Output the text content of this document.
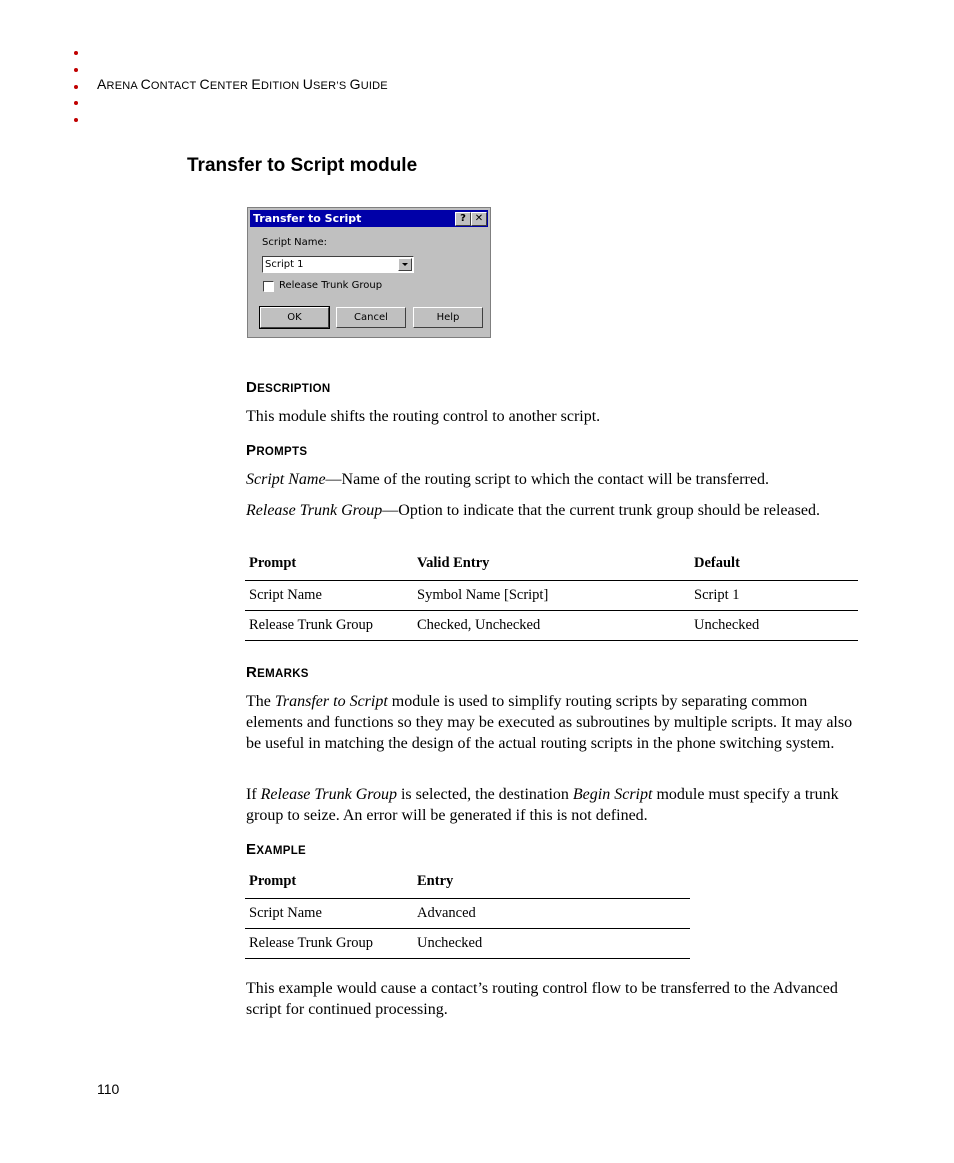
ARENA CONTACT CENTER EDITION USER’S GUIDE
Transfer to Script module
Transfer to Script	? ✕
Script Name:
Script 1
Release Trunk Group
OK	Cancel	Help
DESCRIPTION
This module shifts the routing control to another script.
PROMPTS
Script Name—Name of the routing script to which the contact will be transferred.
Release Trunk Group—Option to indicate that the current trunk group should be released.
Prompt	Valid Entry	Default
Script Name	Symbol Name [Script]	Script 1
Release Trunk Group	Checked, Unchecked	Unchecked
REMARKS
The Transfer to Script module is used to simplify routing scripts by separating common elements and functions so they may be executed as subroutines by multiple scripts. It may also be useful in matching the design of the actual routing scripts in the phone switching system.
If Release Trunk Group is selected, the destination Begin Script module must specify a trunk group to seize. An error will be generated if this is not defined.
EXAMPLE
Prompt	Entry
Script Name	Advanced
Release Trunk Group	Unchecked
This example would cause a contact’s routing control flow to be transferred to the Advanced script for continued processing.
110
